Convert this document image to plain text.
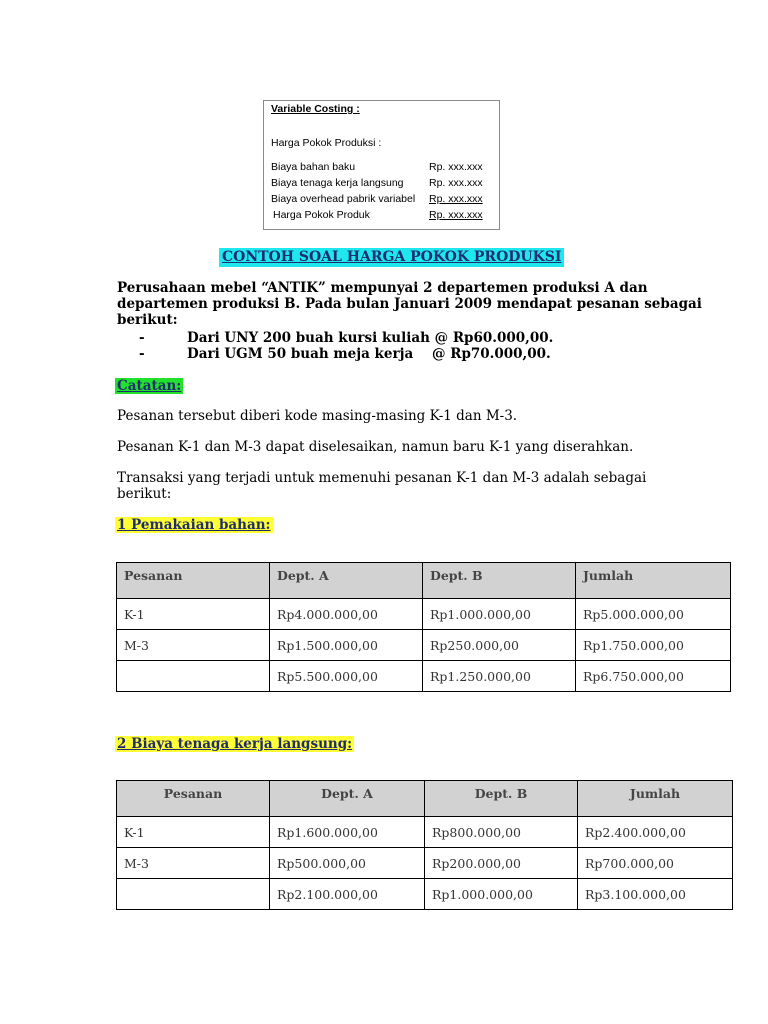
Variable Costing :
Harga Pokok Produksi :
Biaya bahan baku	Rp. xxx.xxx
Biaya tenaga kerja langsung Rp. xxx.xxx
Biaya overhead pabrik variabel Rp. xxx.xxx
Harga Pokok Produk	Rp. xxx.xxx
CONTOH SOAL HARGA POKOK PRODUKSI
Perusahaan mebel “ANTIK” mempunyai 2 departemen produksi A dan
departemen produksi B. Pada bulan Januari 2009 mendapat pesanan sebagai
berikut:
-	Dari UNY 200 buah kursi kuliah @ Rp60.000,00.
-	Dari UGM 50 buah meja kerja    @ Rp70.000,00.
Catatan:
Pesanan tersebut diberi kode masing-masing K-1 dan M-3.
Pesanan K-1 dan M-3 dapat diselesaikan, namun baru K-1 yang diserahkan.
Transaksi yang terjadi untuk memenuhi pesanan K-1 dan M-3 adalah sebagai
berikut:
1 Pemakaian bahan:
Pesanan	Dept. A	Dept. B	Jumlah
K-1	Rp4.000.000,00	Rp1.000.000,00	Rp5.000.000,00
M-3	Rp1.500.000,00	Rp250.000,00	Rp1.750.000,00
	Rp5.500.000,00	Rp1.250.000,00	Rp6.750.000,00
2 Biaya tenaga kerja langsung:
Pesanan	Dept. A	Dept. B	Jumlah
K-1	Rp1.600.000,00	Rp800.000,00	Rp2.400.000,00
M-3	Rp500.000,00	Rp200.000,00	Rp700.000,00
	Rp2.100.000,00	Rp1.000.000,00	Rp3.100.000,00
